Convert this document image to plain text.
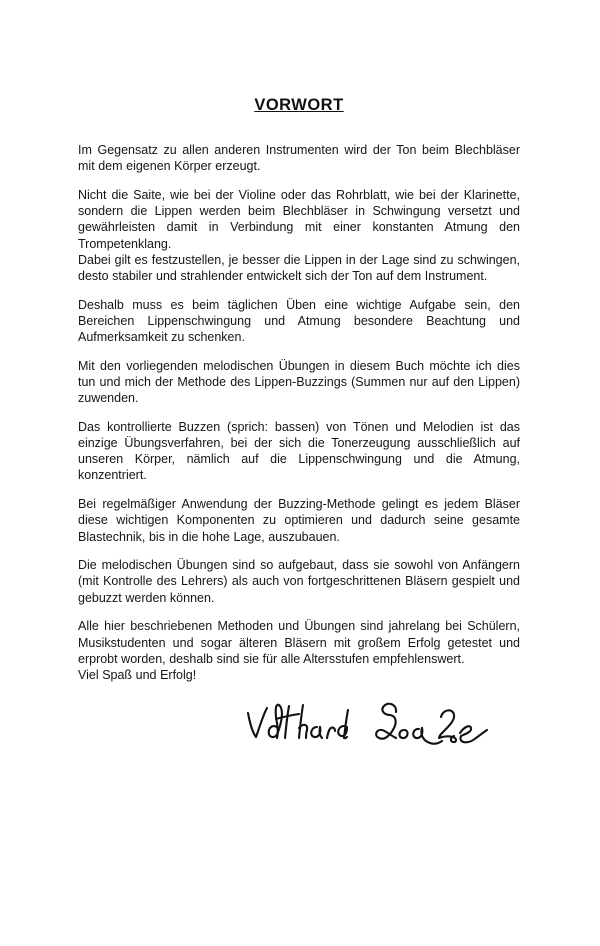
VORWORT

Im Gegensatz zu allen anderen Instrumenten wird der Ton beim Blechbläser mit dem eigenen Körper erzeugt.

Nicht die Saite, wie bei der Violine oder das Rohrblatt, wie bei der Klarinette, sondern die Lippen werden beim Blechbläser in Schwingung versetzt und gewährleisten damit in Verbindung mit einer konstanten Atmung den Trompetenklang.

Dabei gilt es festzustellen, je besser die Lippen in der Lage sind zu schwingen, desto stabiler und strahlender entwickelt sich der Ton auf dem Instrument.

Deshalb muss es beim täglichen Üben eine wichtige Aufgabe sein, den Bereichen Lippenschwingung und Atmung besondere Beachtung und Aufmerksamkeit zu schenken.

Mit den vorliegenden melodischen Übungen in diesem Buch möchte ich dies tun und mich der Methode des Lippen-Buzzings (Summen nur auf den Lippen) zuwenden.

Das kontrollierte Buzzen (sprich: bassen) von Tönen und Melodien ist das einzige Übungsverfahren, bei der sich die Tonerzeugung ausschließlich auf unseren Körper, nämlich auf die Lippenschwingung und die Atmung, konzentriert.

Bei regelmäßiger Anwendung der Buzzing-Methode gelingt es jedem Bläser diese wichtigen Komponenten zu optimieren und dadurch seine gesamte Blastechnik, bis in die hohe Lage, auszubauen.

Die melodischen Übungen sind so aufgebaut, dass sie sowohl von Anfängern (mit Kontrolle des Lehrers) als auch von fortgeschrittenen Bläsern gespielt und gebuzzt werden können.

Alle hier beschriebenen Methoden und Übungen sind jahrelang bei Schülern, Musikstudenten und sogar älteren Bläsern mit großem Erfolg getestet und erprobt worden, deshalb sind sie für alle Altersstufen empfehlenswert.

Viel Spaß und Erfolg!
